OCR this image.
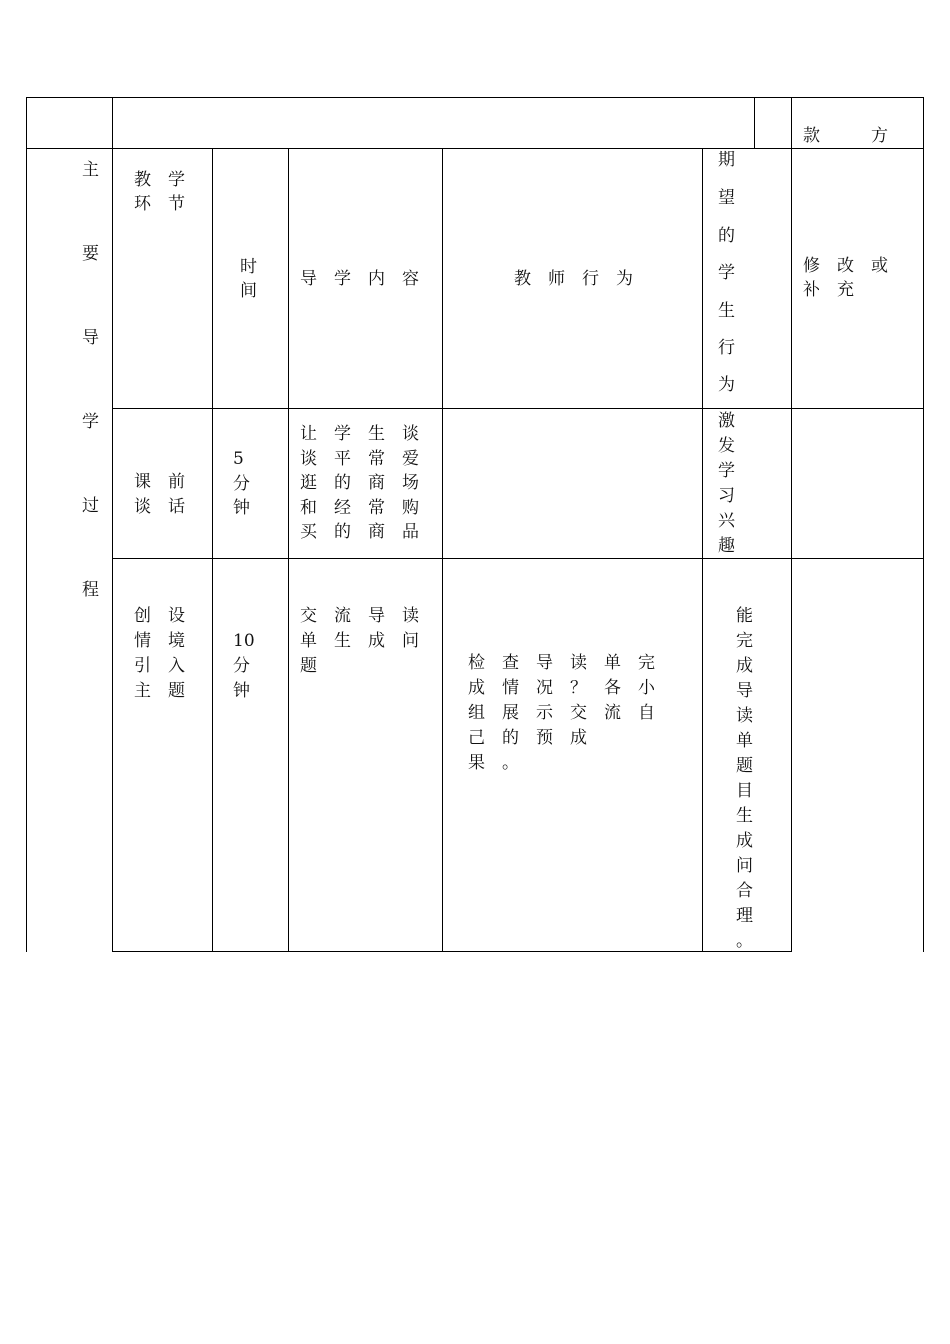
款　　　方
主
要
导
学
过
程
教　学
环　节
时
间
导　学　内　容	教　师　行　为
期
望
的
学
生
行
为
修　改　或
补　充
课　前
谈　话
5
分
钟
让　学　生　谈
谈　平　常　爱
逛　的　商　场
和　经　常　购
买　的　商　品
激
发
学
习
兴
趣
创　设
情　境
引　入
主　题
10
分
钟
交　流　导　读
单　生　成　问
题	检　查　导　读　单　完
成　情　况　？　各　小
组　展　示　交　流　自
己　的　预　成
果　。
能
完
成
导
读
单
题
目
生
成
问
合
理
。
